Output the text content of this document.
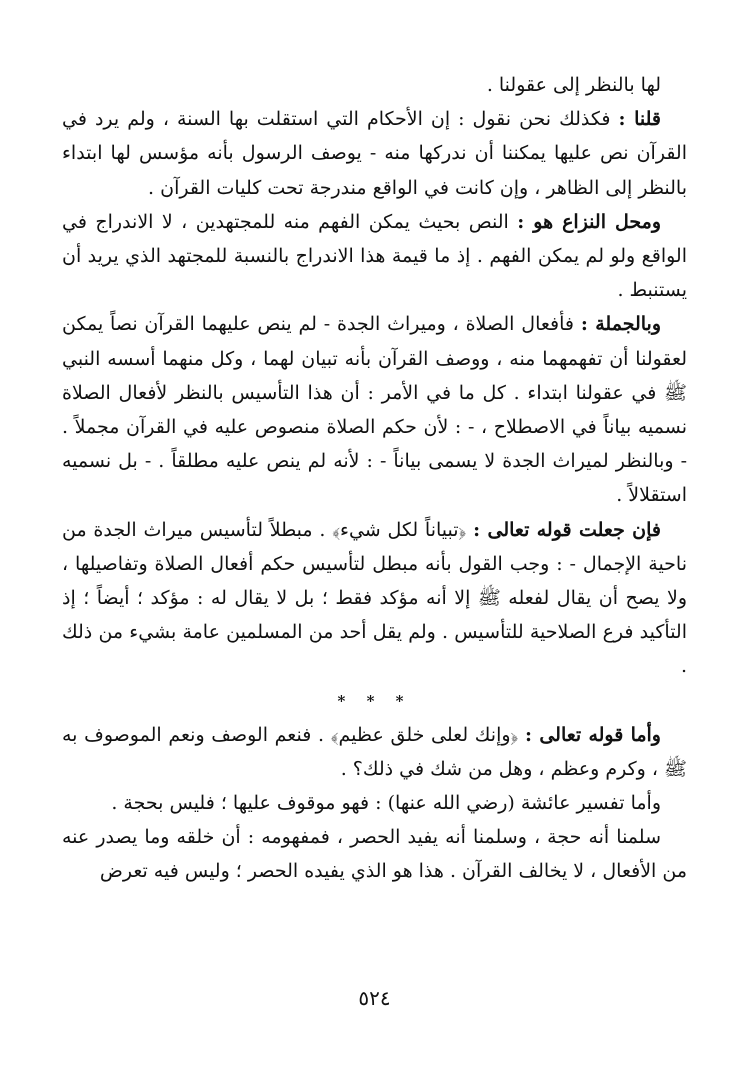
لها بالنظر إلى عقولنا .

قلنا : فكذلك نحن نقول : إن الأحكام التي استقلت بها السنة ، ولم يرد في القرآن نص عليها يمكننا أن ندركها منه - يوصف الرسول بأنه مؤسس لها ابتداء بالنظر إلى الظاهر ، وإن كانت في الواقع مندرجة تحت كليات القرآن .

ومحل النزاع هو : النص بحيث يمكن الفهم منه للمجتهدين ، لا الاندراج في الواقع ولو لم يمكن الفهم . إذ ما قيمة هذا الاندراج بالنسبة للمجتهد الذي يريد أن يستنبط .

وبالجملة : فأفعال الصلاة ، وميراث الجدة - لم ينص عليهما القرآن نصاً يمكن لعقولنا أن تفهمهما منه ، ووصف القرآن بأنه تبيان لهما ، وكل منهما أسسه النبي ﷺ في عقولنا ابتداء . كل ما في الأمر : أن هذا التأسيس بالنظر لأفعال الصلاة نسميه بياناً في الاصطلاح ، - : لأن حكم الصلاة منصوص عليه في القرآن مجملاً . - وبالنظر لميراث الجدة لا يسمى بياناً - : لأنه لم ينص عليه مطلقاً . - بل نسميه استقلالاً .

فإن جعلت قوله تعالى : ﴿تبياناً لكل شيء﴾ . مبطلاً لتأسيس ميراث الجدة من ناحية الإجمال - : وجب القول بأنه مبطل لتأسيس حكم أفعال الصلاة وتفاصيلها ، ولا يصح أن يقال لفعله ﷺ إلا أنه مؤكد فقط ؛ بل لا يقال له : مؤكد ؛ أيضاً ؛ إذ التأكيد فرع الصلاحية للتأسيس . ولم يقل أحد من المسلمين عامة بشيء من ذلك .

* * *

وأما قوله تعالى : ﴿وإنك لعلى خلق عظيم﴾ . فنعم الوصف ونعم الموصوف به ﷺ ، وكرم وعظم ، وهل من شك في ذلك؟ .

وأما تفسير عائشة (رضي الله عنها) : فهو موقوف عليها ؛ فليس بحجة .

سلمنا أنه حجة ، وسلمنا أنه يفيد الحصر ، فمفهومه : أن خلقه وما يصدر عنه من الأفعال ، لا يخالف القرآن . هذا هو الذي يفيده الحصر ؛ وليس فيه تعرض

٥٢٤
